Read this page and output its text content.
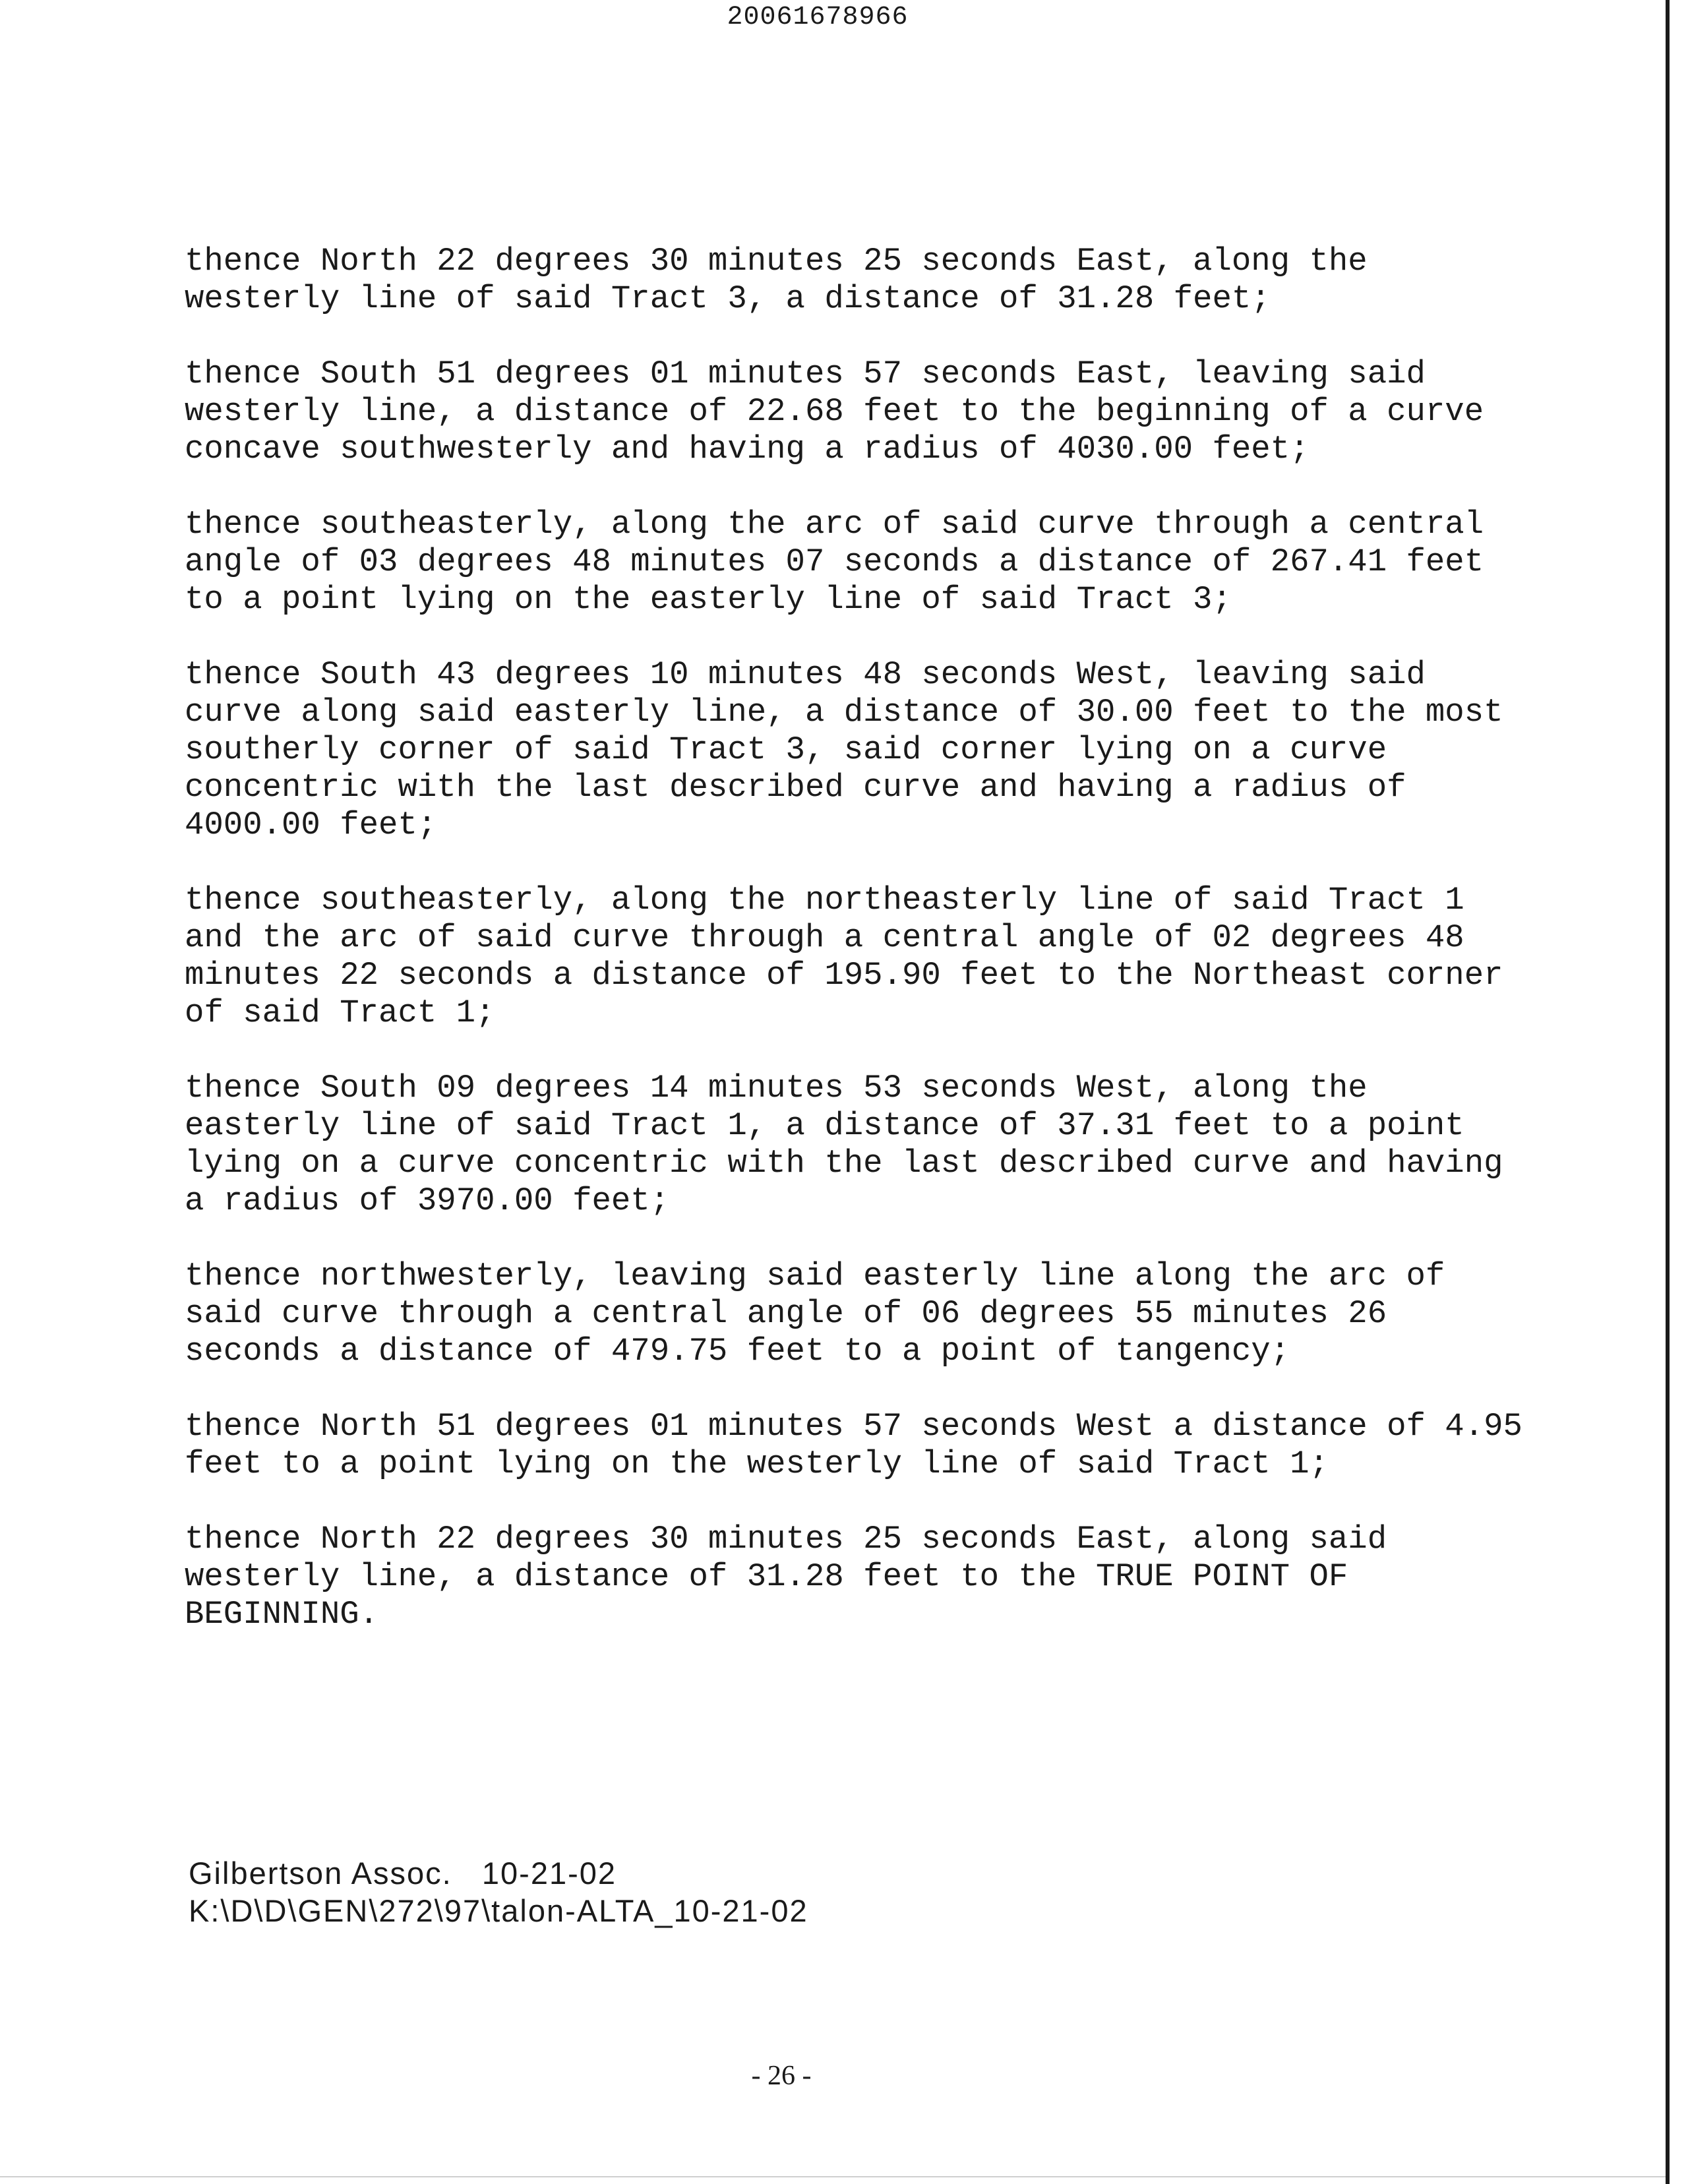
20061678966

thence North 22 degrees 30 minutes 25 seconds East, along the westerly line of said Tract 3, a distance of 31.28 feet;

thence South 51 degrees 01 minutes 57 seconds East, leaving said westerly line, a distance of 22.68 feet to the beginning of a curve concave southwesterly and having a radius of 4030.00 feet;

thence southeasterly, along the arc of said curve through a central angle of 03 degrees 48 minutes 07 seconds a distance of 267.41 feet to a point lying on the easterly line of said Tract 3;

thence South 43 degrees 10 minutes 48 seconds West, leaving said curve along said easterly line, a distance of 30.00 feet to the most southerly corner of said Tract 3, said corner lying on a curve concentric with the last described curve and having a radius of 4000.00 feet;

thence southeasterly, along the northeasterly line of said Tract 1 and the arc of said curve through a central angle of 02 degrees 48 minutes 22 seconds a distance of 195.90 feet to the Northeast corner of said Tract 1;

thence South 09 degrees 14 minutes 53 seconds West, along the easterly line of said Tract 1, a distance of 37.31 feet to a point lying on a curve concentric with the last described curve and having a radius of 3970.00 feet;

thence northwesterly, leaving said easterly line along the arc of said curve through a central angle of 06 degrees 55 minutes 26 seconds a distance of 479.75 feet to a point of tangency;

thence North 51 degrees 01 minutes 57 seconds West a distance of 4.95 feet to a point lying on the westerly line of said Tract 1;

thence North 22 degrees 30 minutes 25 seconds East, along said westerly line, a distance of 31.28 feet to the TRUE POINT OF BEGINNING.

Gilbertson Assoc.   10-21-02
K:\D\D\GEN\272\97\talon-ALTA_10-21-02
- 26 -
